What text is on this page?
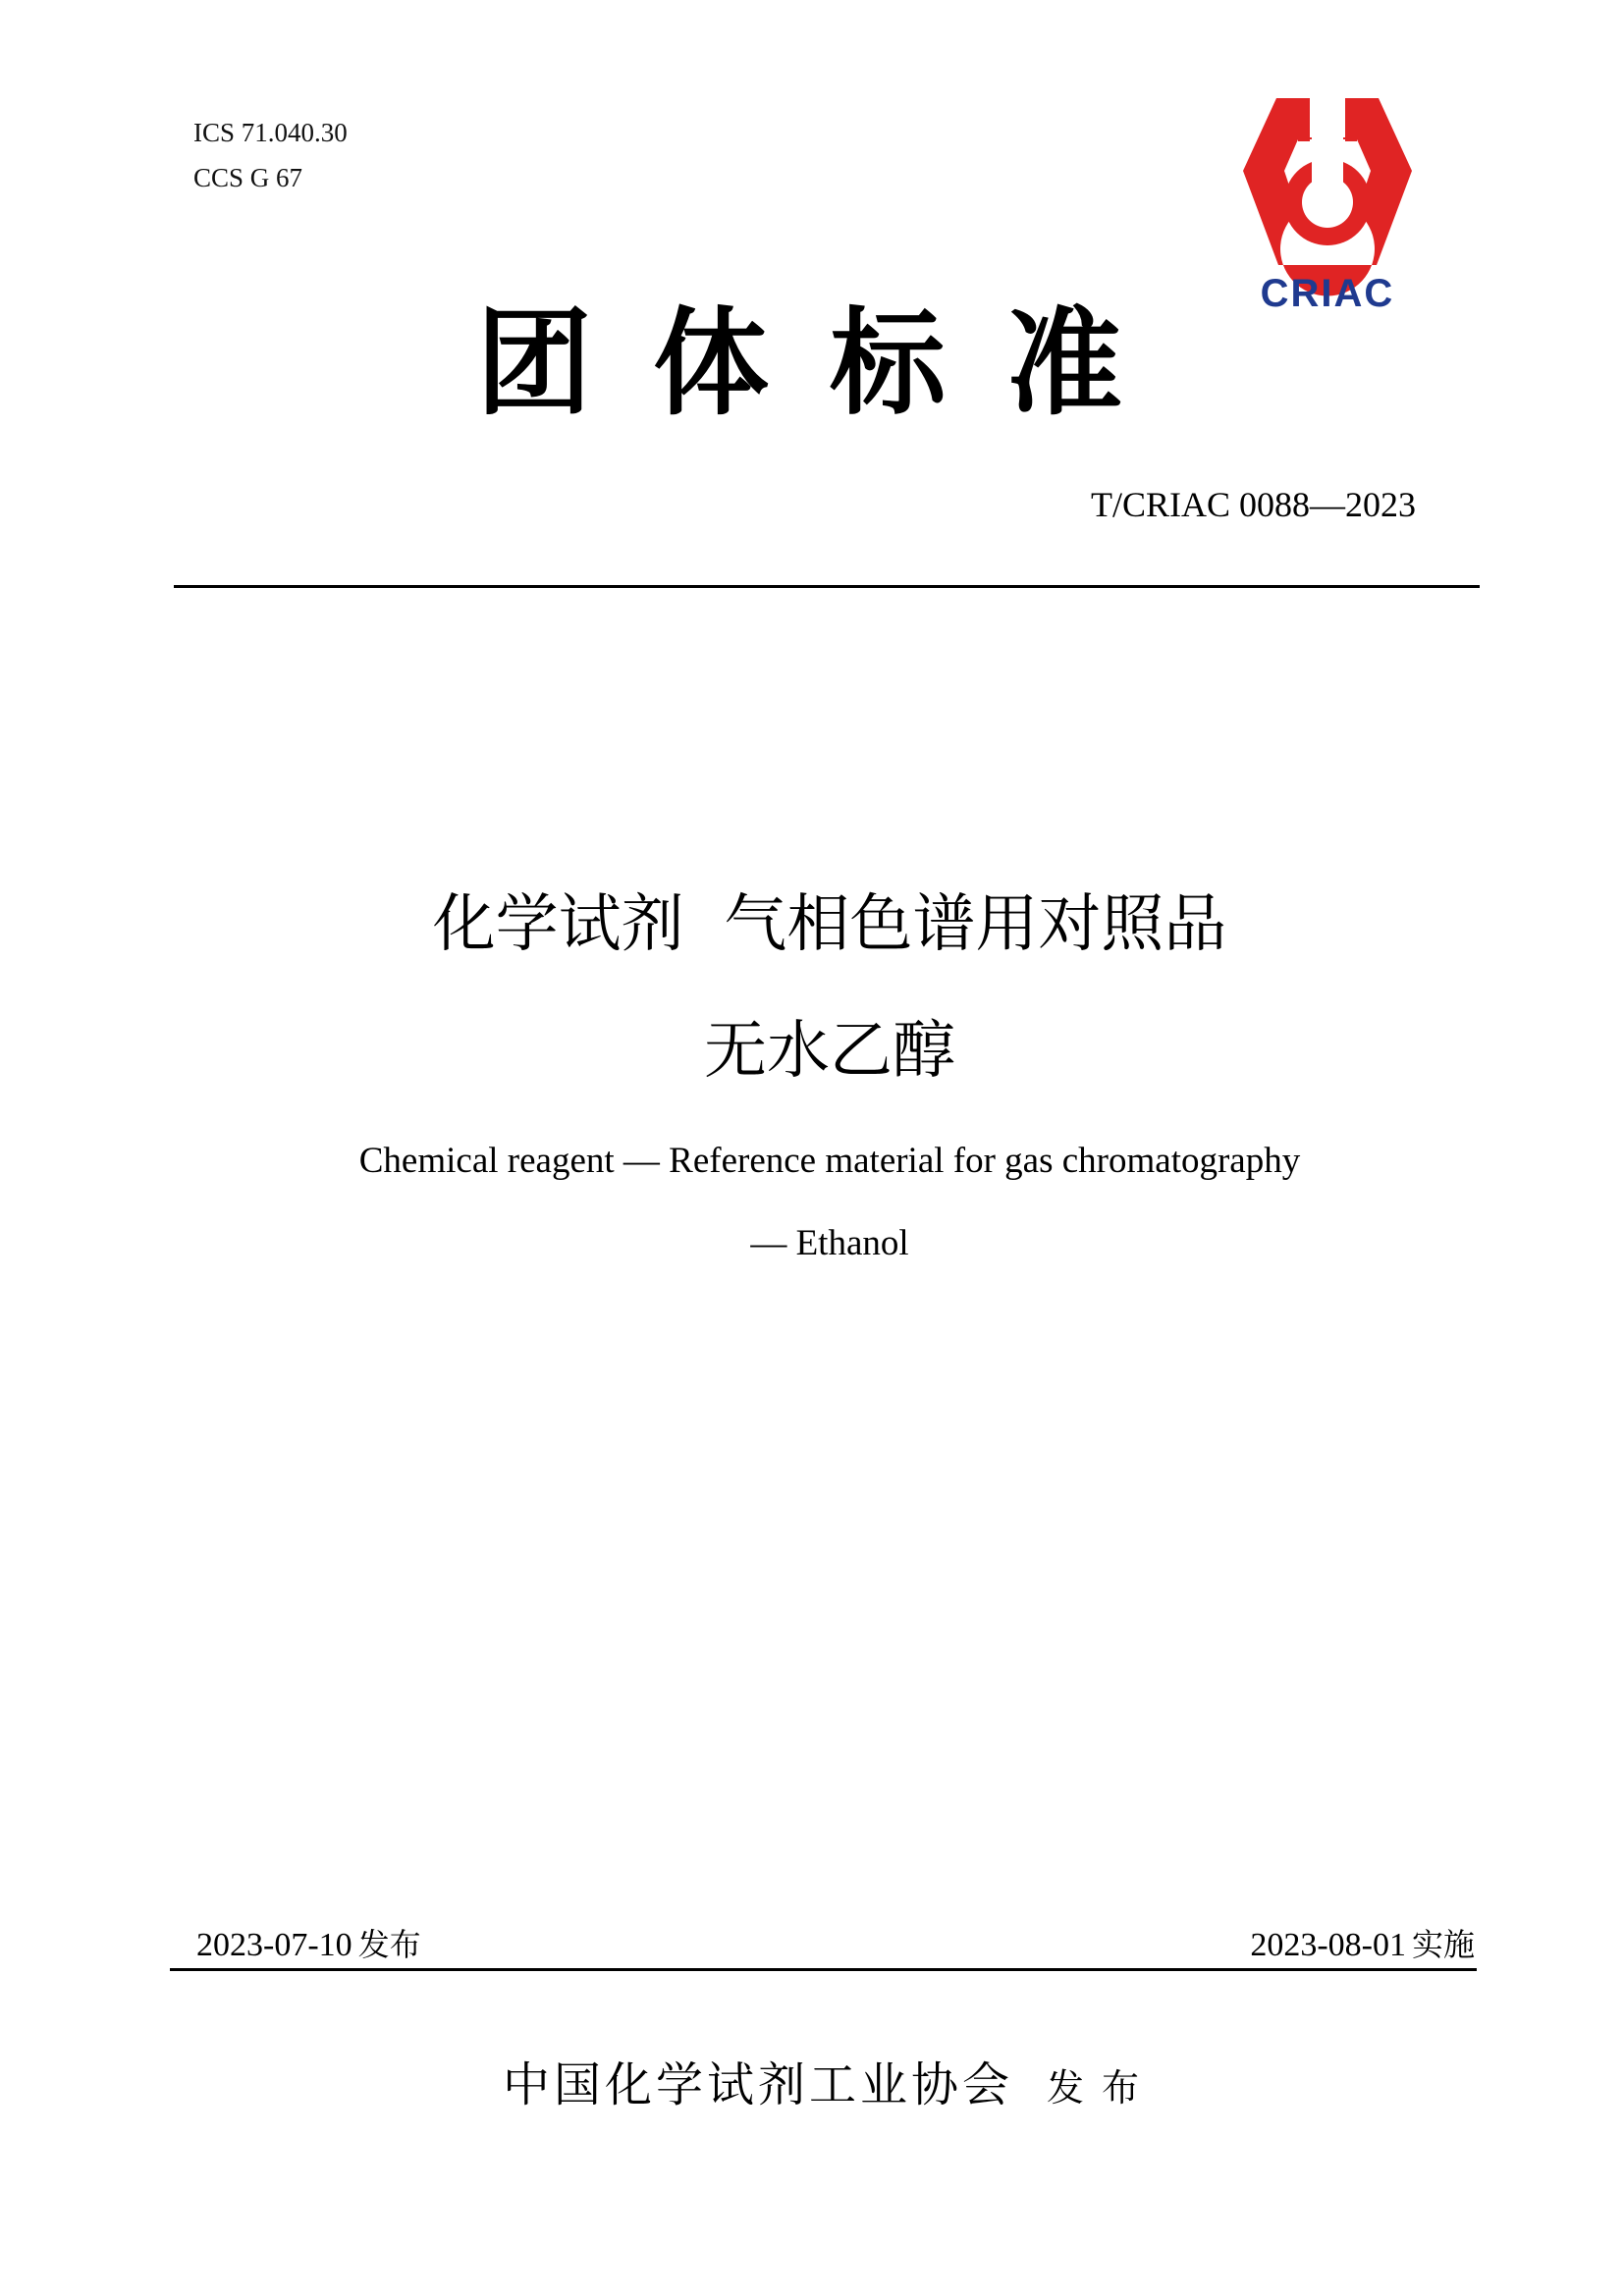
ICS 71.040.30
CCS G 67
CRIAC
团体标准
T/CRIAC 0088—2023
化学试剂  气相色谱用对照品
无水乙醇
Chemical reagent — Reference material for gas chromatography
— Ethanol
2023-07-10 发布	2023-08-01 实施
中国化学试剂工业协会 发布
